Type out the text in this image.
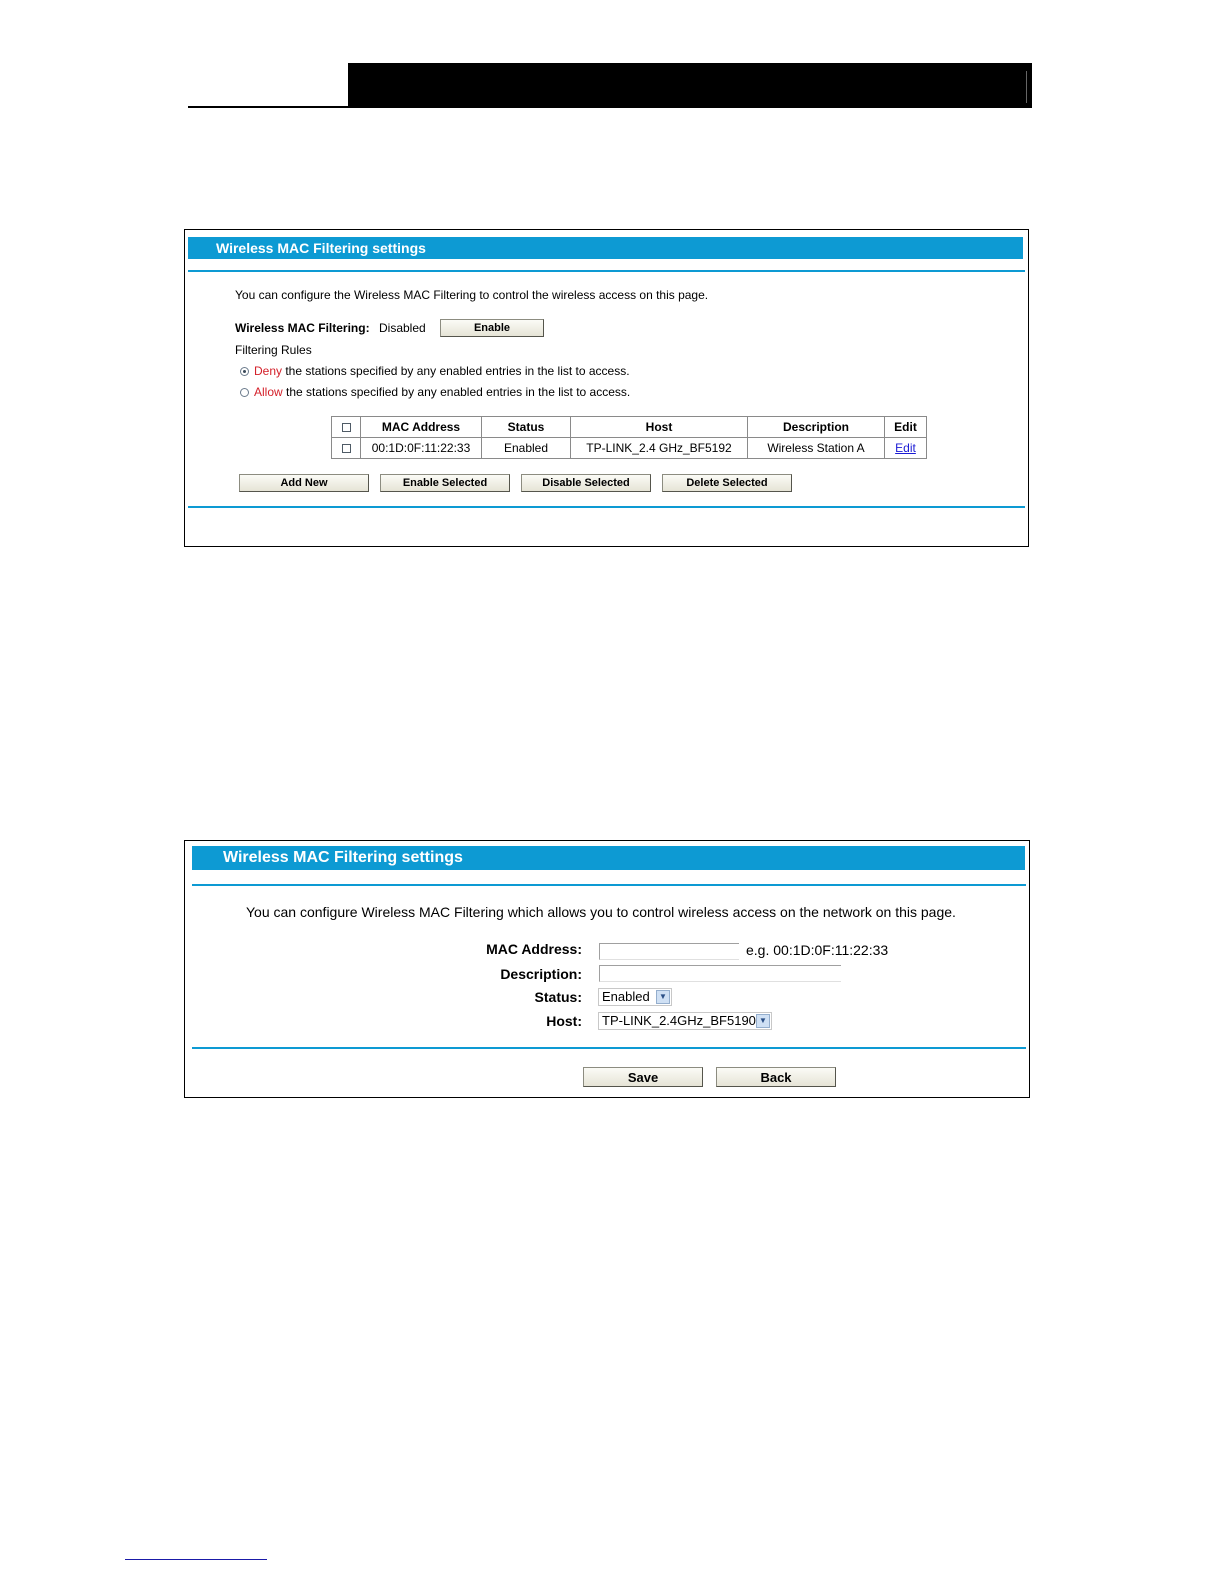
Wireless MAC Filtering settings
You can configure the Wireless MAC Filtering to control the wireless access on this page.
Wireless MAC Filtering: Disabled	Enable
Filtering Rules
Deny the stations specified by any enabled entries in the list to access.
Allow the stations specified by any enabled entries in the list to access.
	MAC Address	Status	Host	Description	Edit
	00:1D:0F:11:22:33	Enabled	TP-LINK_2.4 GHz_BF5192	Wireless Station A	Edit
Add New	Enable Selected	Disable Selected	Delete Selected
Wireless MAC Filtering settings
You can configure Wireless MAC Filtering which allows you to control wireless access on the network on this page.
MAC Address:	e.g. 00:1D:0F:11:22:33
Description:
Status:	Enabled	▼
Host:	TP-LINK_2.4GHz_BF5190 ▼
Save	Back
